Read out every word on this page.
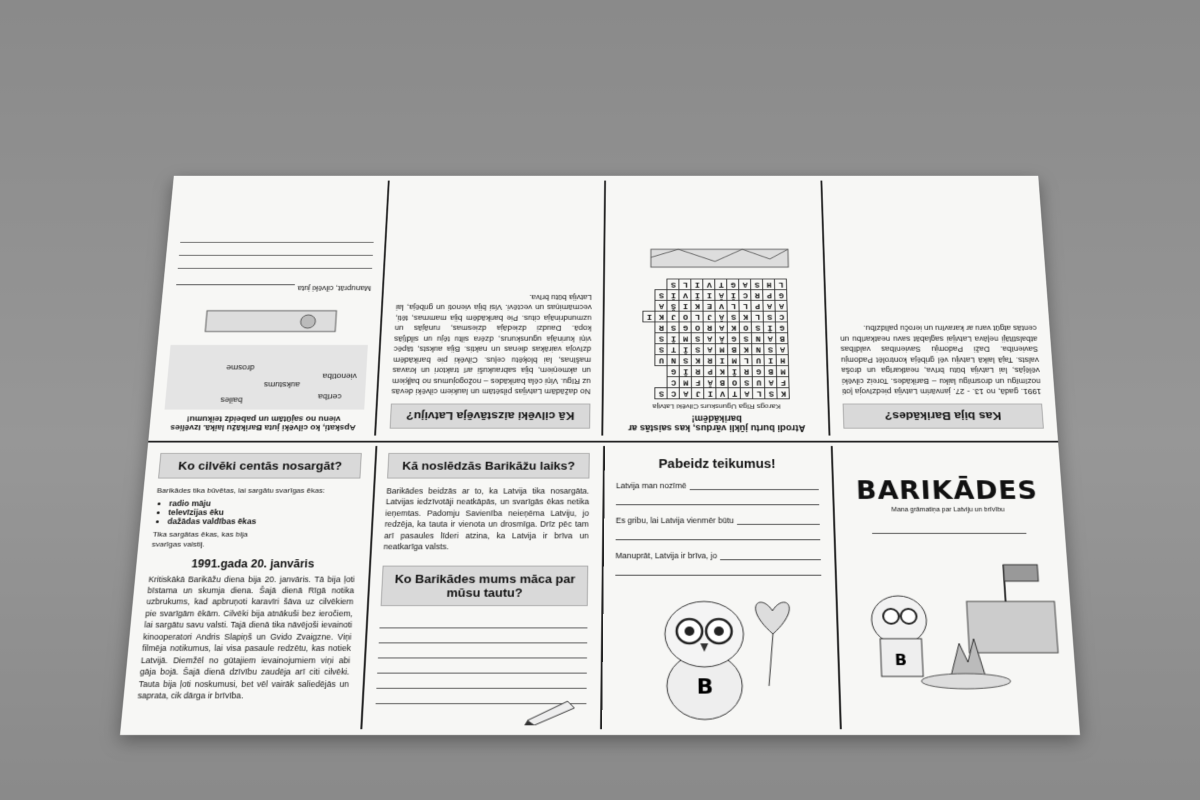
Kas bija Barikādes?
1991. gadā, no 13. - 27. janvārim Latvija piedzīvoja ļoti nozīmīgu un drosmīgu laiku – Barikādes. Toreiz cilvēki vēlējās, lai Latvija būtu brīva, neatkarīga un droša valsts. Tajā laikā Latviju vēl gribēja kontrolēt Padomju Savienība. Daži Padomju Savienības valdības atbalstītāji neļāva Latvijai saglabāt savu neatkarību un centās atgūt varu ar karavīru un ieroču palīdzību.
Atrodi burtu jūkli vārdus, kas saistās ar barikādēm!
Karogs Rīga Ugunskurs Cilvēki Latvija
K	S	L	A	T	V	I	J	A	C	S	
F	A	U	S	O	B	Ā	F	M	C		
M	B	G	R	Ī	K	P	R	Ī	G		
H	I	U	L	M	I	R	K	S	N	U	
A	S	N	K	B	M	A	S	Ī	T	S	
B	A	N	S	G	Ā	A	S	M	Ī	S	
G	Ī	S	O	K	A	R	O	G	S	R	
C	S	L	K	S	Ā	J	L	O	J	K	I
A	A	P	L	L	V	E	K	I	Š	A	
G	P	R	C	Ī	Ā	I	Ī	V	Ī	S	
L	H	S	A	G	T	V	I	L	S		
Kā cilvēki aizstāvēja Latviju?
No dažādām Latvijas pilsētām un laukiem cilvēki devās uz Rīgu. Viņi cēla barikādes – nožogojumus no baļķiem un akmeņiem, bija sabraukuši arī traktori un kravas mašīnas, lai bloķētu ceļus. Cilvēki pie barikādēm dzīvoja vairākas dienas un naktis. Bija auksts, tāpēc viņi kurināja ugunskurus, dzēra siltu tēju un sildījās kopā. Daudzi dziedāja dziesmas, runājās un uzmundrināja citus. Pie barikādēm bija mammas, tēti, vecmāmiņas un vectēvi. Visi bija vienoti un gribēja, lai Latvija būtu brīva.
Apskati, ko cilvēki juta Barikāžu laikā. Izvēlies vienu no sajūtām un pabeidz teikumu!
bailes	cerība
aukstums
vienotība
drosme
Manuprāt, cilvēki juta
Ko cilvēki centās nosargāt?
Barikādes tika būvētas, lai sargātu svarīgas ēkas:
• radio māju
• televīzijas ēku
• dažādas valdības ēkas
Tika sargātas ēkas, kas bija svarīgas valstij.
1991.gada 20. janvāris
Kritiskākā Barikāžu diena bija 20. janvāris. Tā bija ļoti bīstama un skumja diena. Šajā dienā Rīgā notika uzbrukums, kad apbruņoti karavīri šāva uz cilvēkiem pie svarīgām ēkām. Cilvēki bija atnākuši bez ieročiem, lai sargātu savu valsti. Tajā dienā tika nāvējoši ievainoti kinooperatori Andris Slapiņš un Gvido Zvaigzne. Viņi filmēja notikumus, lai visa pasaule redzētu, kas notiek Latvijā. Diemžēl no gūtajiem ievainojumiem viņi abi gāja bojā. Šajā dienā dzīvību zaudēja arī citi cilvēki. Tauta bija ļoti noskumusi, bet vēl vairāk saliedējās un saprata, cik dārga ir brīvība.
Kā noslēdzās Barikāžu laiks?
Barikādes beidzās ar to, ka Latvija tika nosargāta. Latvijas iedzīvotāji neatkāpās, un svarīgās ēkas netika ieņemtas. Padomju Savienība neieņēma Latviju, jo redzēja, ka tauta ir vienota un drosmīga. Drīz pēc tam arī pasaules līderi atzina, ka Latvija ir brīva un neatkarīga valsts.
Ko Barikādes mums māca par mūsu tautu?
Pabeidz teikumus!
Latvija man nozīmē
Es gribu, lai Latvija vienmēr būtu
Manuprāt, Latvija ir brīva, jo
B
BARIKĀDES
Mana grāmatiņa par Latviju un brīvību
B
